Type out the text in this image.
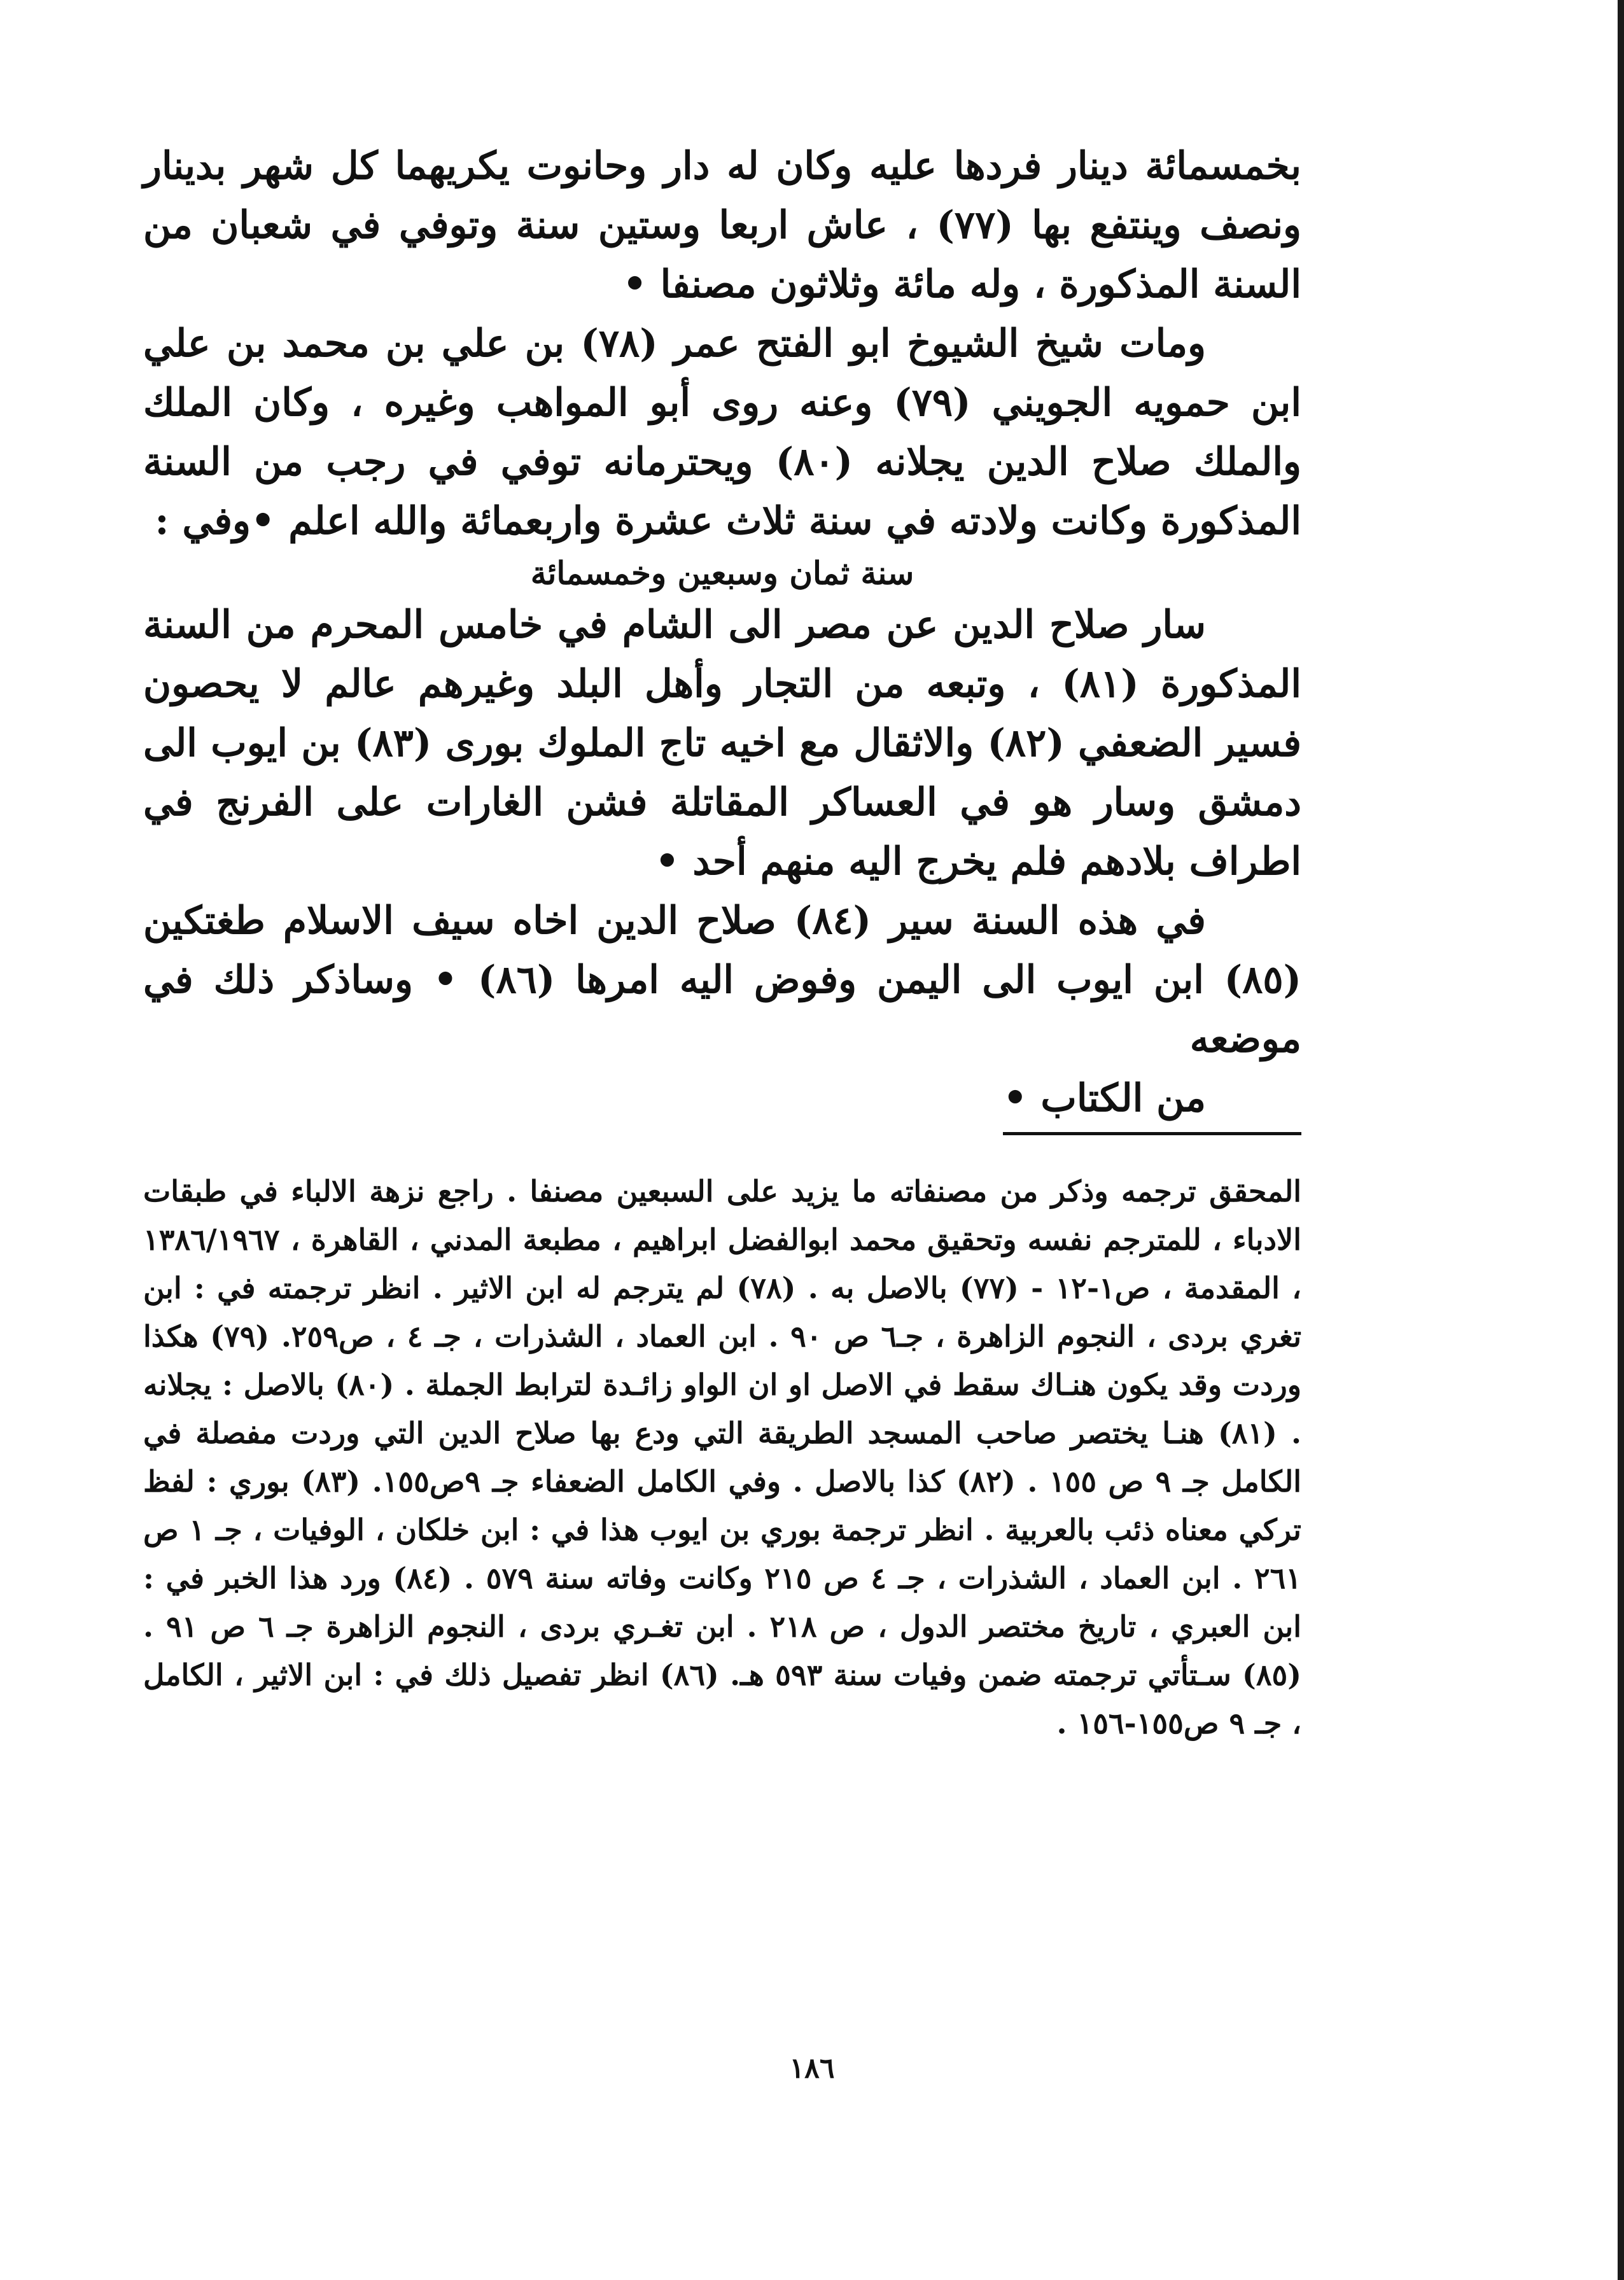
بخمسمائة دينار فردها عليه وكان له دار وحانوت يكريهما كل شهر بدينار ونصف وينتفع بها (٧٧) ، عاش اربعا وستين سنة وتوفي في شعبان من السنة المذكورة ، وله مائة وثلاثون مصنفا •

ومات شيخ الشيوخ ابو الفتح عمر (٧٨) بن علي بن محمد بن علي ابن حمويه الجويني (٧٩) وعنه روى أبو المواهب وغيره ، وكان الملك والملك صلاح الدين يجلانه (٨٠) ويحترمانه توفي في رجب من السنة المذكورة وكانت ولادته في سنة ثلاث عشرة واربعمائة والله اعلم •وفي :

سنة ثمان وسبعين وخمسمائة

سار صلاح الدين عن مصر الى الشام في خامس المحرم من السنة المذكورة (٨١) ، وتبعه من التجار وأهل البلد وغيرهم عالم لا يحصون فسير الضعفي (٨٢) والاثقال مع اخيه تاج الملوك بورى (٨٣) بن ايوب الى دمشق وسار هو في العساكر المقاتلة فشن الغارات على الفرنج في اطراف بلادهم فلم يخرج اليه منهم أحد •

في هذه السنة سير (٨٤) صلاح الدين اخاه سيف الاسلام طغتكين (٨٥) ابن ايوب الى اليمن وفوض اليه امرها (٨٦) • وساذكر ذلك في موضعه
من الكتاب •

المحقق ترجمه وذكر من مصنفاته ما يزيد على السبعين مصنفا . راجع نزهة الالباء في طبقات الادباء ، للمترجم نفسه وتحقيق محمد ابوالفضل ابراهيم ، مطبعة المدني ، القاهرة ، ١٣٨٦/١٩٦٧ ، المقدمة ، ص١-١٢ - (٧٧) بالاصل به . (٧٨) لم يترجم له ابن الاثير . انظر ترجمته في : ابن تغري بردى ، النجوم الزاهرة ، جـ٦ ص ٩٠ . ابن العماد ، الشذرات ، جـ ٤ ، ص٢٥٩. (٧٩) هكذا وردت وقد يكون هنـاك سقط في الاصل او ان الواو زائـدة لترابط الجملة . (٨٠) بالاصل : يجلانه . (٨١) هنـا يختصر صاحب المسجد الطريقة التي ودع بها صلاح الدين التي وردت مفصلة في الكامل جـ ٩ ص ١٥٥ . (٨٢) كذا بالاصل . وفي الكامل الضعفاء جـ ٩ص١٥٥. (٨٣) بوري : لفظ تركي معناه ذئب بالعربية . انظر ترجمة بوري بن ايوب هذا في : ابن خلكان ، الوفيات ، جـ ١ ص ٢٦١ . ابن العماد ، الشذرات ، جـ ٤ ص ٢١٥ وكانت وفاته سنة ٥٧٩ . (٨٤) ورد هذا الخبر في : ابن العبري ، تاريخ مختصر الدول ، ص ٢١٨ . ابن تغـري بردى ، النجوم الزاهرة جـ ٦ ص ٩١ . (٨٥) سـتأتي ترجمته ضمن وفيات سنة ٥٩٣ هـ. (٨٦) انظر تفصيل ذلك في : ابن الاثير ، الكامل ، جـ ٩ ص١٥٥-١٥٦ .

١٨٦
